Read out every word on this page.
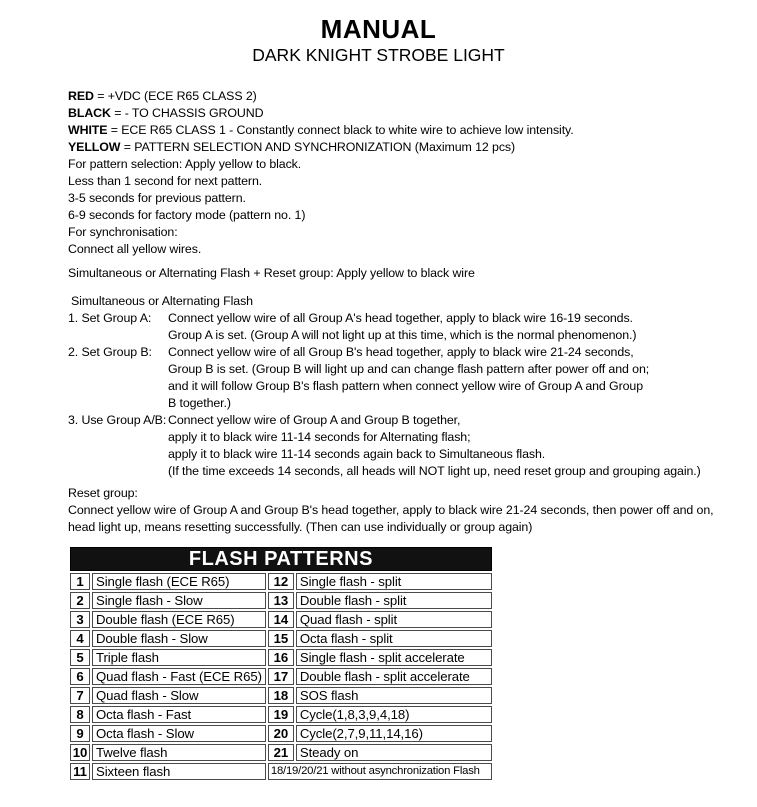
MANUAL
DARK KNIGHT STROBE LIGHT
RED = +VDC (ECE R65 CLASS 2)
BLACK = - TO CHASSIS GROUND
WHITE = ECE R65 CLASS 1 - Constantly connect black to white wire to achieve low intensity.
YELLOW = PATTERN SELECTION AND SYNCHRONIZATION (Maximum 12 pcs)
For pattern selection: Apply yellow to black.
Less than 1 second for next pattern.
3-5 seconds for previous pattern.
6-9 seconds for factory mode (pattern no. 1)
For synchronisation:
Connect all yellow wires.
Simultaneous or Alternating Flash + Reset group: Apply yellow to black wire
Simultaneous or Alternating Flash
1. Set Group A:	Connect yellow wire of all Group A's head together, apply to black wire 16-19 seconds.
Group A is set. (Group A will not light up at this time, which is the normal phenomenon.)
2. Set Group B:	Connect yellow wire of all Group B's head together, apply to black wire 21-24 seconds,
Group B is set. (Group B will light up and can change flash pattern after power off and on;
and it will follow Group B's flash pattern when connect yellow wire of Group A and Group
B together.)
3. Use Group A/B: Connect yellow wire of Group A and Group B together,
apply it to black wire 11-14 seconds for Alternating flash;
apply it to black wire 11-14 seconds again back to Simultaneous flash.
(If the time exceeds 14 seconds, all heads will NOT light up, need reset group and grouping again.)
Reset group:
Connect yellow wire of Group A and Group B's head together, apply to black wire 21-24 seconds, then power off and on,
head light up, means resetting successfully. (Then can use individually or group again)
FLASH PATTERNS			
1	Single flash (ECE R65)	12	Single flash - split
2	Single flash - Slow	13	Double flash - split
3	Double flash (ECE R65)	14	Quad flash - split
4	Double flash - Slow	15	Octa flash - split
5	Triple flash	16	Single flash - split accelerate
6	Quad flash - Fast (ECE R65)	17	Double flash - split accelerate
7	Quad flash - Slow	18	SOS flash
8	Octa flash - Fast	19	Cycle(1,8,3,9,4,18)
9	Octa flash - Slow	20	Cycle(2,7,9,11,14,16)
10	Twelve flash	21	Steady on
11	Sixteen flash	18/19/20/21 without asynchronization Flash	
